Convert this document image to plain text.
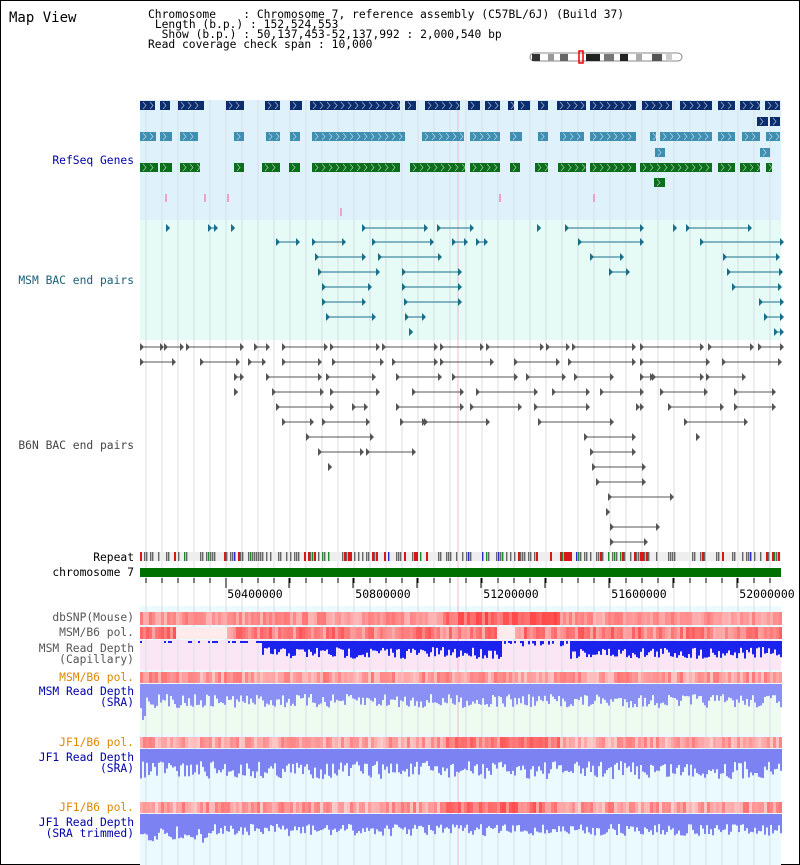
Map View	Chromosome    : Chromosome 7, reference assembly (C57BL/6J) (Build 37)
Length (b.p.) : 152,524,553
Show (b.p.) : 50,137,453-52,137,992 : 2,000,540 bp
Read coverage check span : 10,000
50400000	50800000	51200000	51600000	52000000
RefSeq Genes
MSM BAC end pairs
B6N BAC end pairs
Repeat
chromosome 7
dbSNP(Mouse)
MSM/B6 pol.
MSM Read Depth
(Capillary)
MSM/B6 pol.
MSM Read Depth
(SRA)
JF1/B6 pol.
JF1 Read Depth
(SRA)
JF1/B6 pol.
JF1 Read Depth
(SRA trimmed)
